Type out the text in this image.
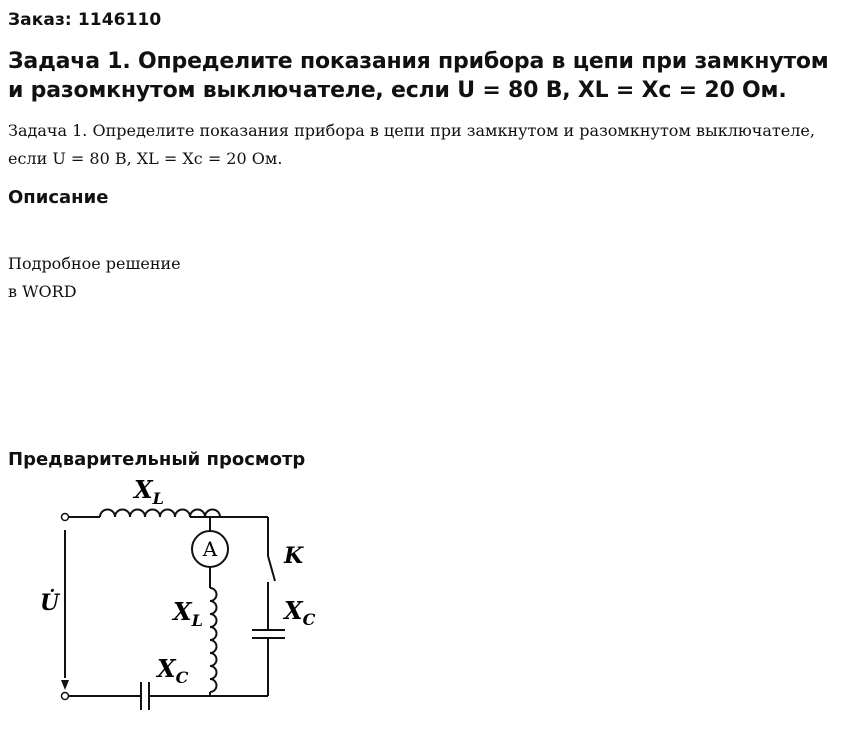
Заказ: 1146110
Задача 1. Определите показания прибора в цепи при замкнутом и разомкнутом выключателе, если U = 80 В, XL = Xc = 20 Ом.
Задача 1. Определите показания прибора в цепи при замкнутом и разомкнутом выключателе, если U = 80 В, XL = Xc = 20 Ом.
Описание
Подробное решение
в WORD
Предварительный просмотр
$X_L$
$X_L$	$X_C$
$X_C$
K
A
U̇
